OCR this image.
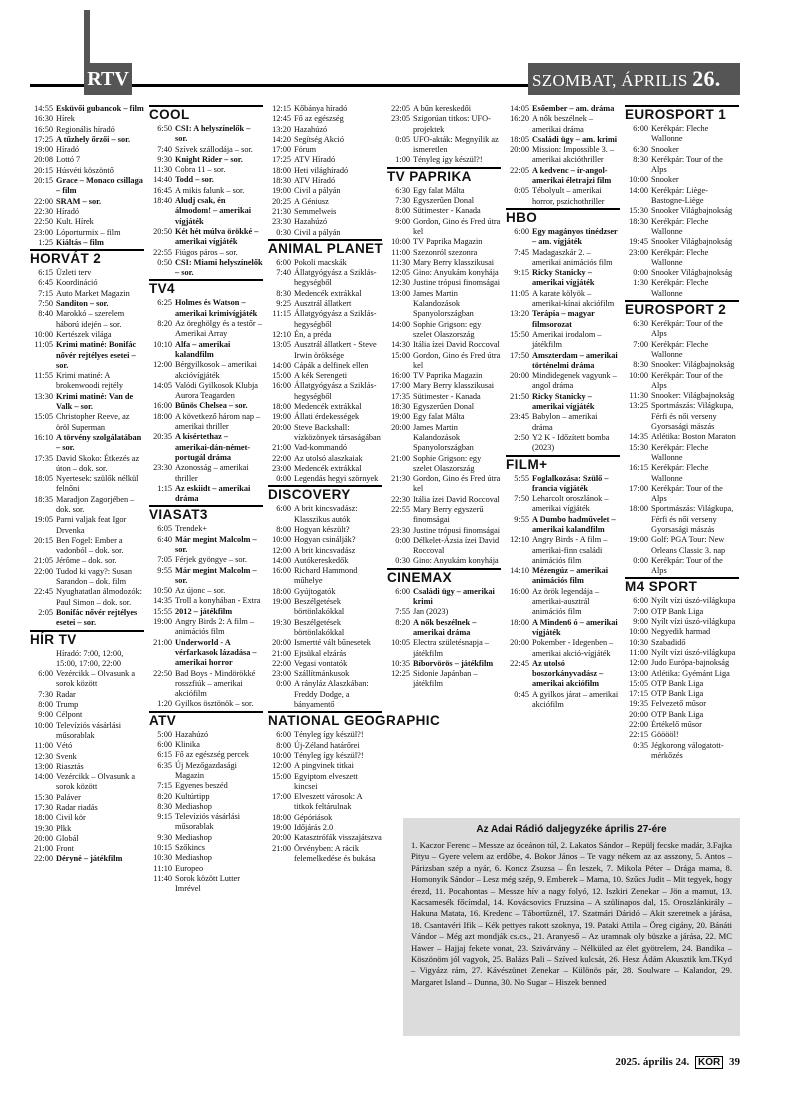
RTV	SZOMBAT, ÁPRILIS 26.
14:55 Esküvői gubancok – film
16:30 Hírek
16:50 Regionális híradó
17:25 A tűzhely őrzői – sor.
19:00 Híradó
20:08 Lottó 7
20:15 Húsvéti köszöntő
20:15 Grace – Monaco csillaga – film
22:00 SRAM – sor.
22:30 Híradó
22:50 Kult. Hírek
23:00 Lóporturmix – film
1:25 Kiáltás – film
HORVÁT 2
6:15 Üzleti terv
6:45 Koordináció
7:15 Auto Market Magazin
7:50 Sanditon – sor.
8:40 Marokkó – szerelem háború idején – sor.
10:00 Kertészek világa
11:05 Krimi matiné: Bonifác nővér rejtélyes esetei – sor.
11:55 Krimi matiné: A brokenwoodi rejtély
13:30 Krimi matiné: Van de Valk – sor.
15:05 Christopher Reeve, az öröl Superman
16:10 A törvény szolgálatában – sor.
17:35 David Skoko: Étkezés az úton – dok. sor.
18:05 Nyertesek: szülők nélkül felnőni
18:35 Maradjon Zagorjében – dok. sor.
19:05 Parni valjak feat Igor Drvenka
20:15 Ben Fogel: Ember a vadonból – dok. sor.
21:05 Jérôme – dok. sor.
22:00 Tudod ki vagy?: Susan Sarandon – dok. film
22:45 Nyughatatlan álmodozók: Paul Simon – dok. sor.
2:05 Bonifác nővér rejtélyes esetei – sor.
HÍR TV
Híradó: 7:00, 12:00, 15:00, 17:00, 22:00
6:00 Vezércikk – Olvasunk a sorok között
7:30 Radar
8:00 Trump
9:00 Célpont
10:00 Televíziós vásárlási műsorablak
11:00 Vétó
12:30 Svenk
13:00 Riasztás
14:00 Vezércikk – Olvasunk a sorok között
15:30 Paláver
17:30 Radar riadás
18:00 Civil kör
19:30 Plkk
20:00 Globál
21:00 Front
22:00 Dérynė – játékfilm
COOL
6:50 CSI: A helyszínelők – sor.
7:40 Szívek szállodája – sor.
9:30 Knight Rider – sor.
11:30 Cobra 11 – sor.
14:40 Todd – sor.
16:45 A mikis falunk – sor.
18:40 Aludj csak, én álmodom! – amerikai vígjáték
20:50 Két hét múlva örökké – amerikai vígjáték
22:55 Fiúgos páros – sor.
0:50 CSI: Miami helyszínelők – sor.
TV4
6:25 Holmes és Watson – amerikai krimivígjáték
8:20 Az öreghölgy és a testőr – Amerikai Array
10:10 Alfa – amerikai kalandfilm
12:00 Bérgyilkosok – amerikai akcióvígjáték
14:05 Valódi Gyilkosok Klubja Aurora Teagarden
16:00 Bűnös Chelsea – sor.
18:00 A következő három nap – amerikai thriller
20:35 A kísértethaz – amerikai-dán-német-portugál dráma
23:30 Azonosság – amerikai thriller
1:15 Az eskiidt – amerikai dráma
VIASAT3
6:05 Trendek+
6:40 Már megint Malcolm – sor.
7:05 Férjek gyöngye – sor.
9:55 Már megint Malcolm – sor.
10:50 Az újonc – sor.
14:35 Troll a konyhában - Extra
15:55 2012 – játékfilm
19:00 Angry Birds 2: A film – animációs film
21:00 Underworld - A vérfarkasok lázadása – amerikai horror
22:50 Bad Boys - Mindörökké rosszfiúk – amerikai akciófilm
1:20 Gyilkos ösztönök – sor.
ATV
5:00 Hazahúzó
6:00 Klinika
6:15 Fő az egészség percek
6:35 Új Mezőgazdasági Magazin
7:15 Egyenes beszéd
8:20 Kultúrtipp
8:30 Mediashop
9:15 Televíziós vásárlási műsorablak
9:30 Mediashop
10:15 Szőkincs
10:30 Mediashop
11:10 Europeo
11:40 Sorok között Lutter Imrével
12:15 Kőbánya híradó
12:45 Fő az egészség
13:20 Hazahúzó
14:20 Segítség Akció
17:00 Fórum
17:25 ATV Híradó
18:00 Heti világhíradó
18:30 ATV Híradó
19:00 Civil a pályán
20:25 A Géniusz
21:30 Semmelweis
23:30 Hazahúzó
0:30 Civil a pályán
ANIMAL PLANET
6:00 Pokoli macskák
7:40 Állatgyógyász a Sziklás-hegységből
8:30 Medencék extrákkal
9:25 Ausztrál állatkert
11:15 Állatgyógyász a Sziklás-hegységből
12:10 Én, a préda
13:05 Ausztrál állatkert - Steve Irwin öröksége
14:00 Cápák a delfinek ellen
15:00 A kék Serengeti
16:00 Állatgyógyász a Sziklás-hegységből
18:00 Medencék extrákkal
19:00 Állati érdekességek
20:00 Steve Backshall: vízközönyek társaságában
21:00 Vad-kommandó
22:00 Az utolsó alaszkaiak
23:00 Medencék extrákkal
0:00 Legendás hegyi szörnyek
DISCOVERY
6:00 A brit kincsvadász: Klasszikus autók
8:00 Hogyan készült?
10:00 Hogyan csinálják?
12:00 A brit kincsvadász
14:00 Autókereskedők
16:00 Richard Hammond műhelye
18:00 Gyújtogatók
19:00 Beszélgetések börtönlakókkal
19:30 Beszélgetések börtönlakókkal
20:00 Ismertté vált bűnesetek
21:00 Ejtsükal elzárás
22:00 Vegasi vontatók
23:00 Szállítmánkusok
0:00 A rányláz Alaszkában: Freddy Dodge, a bányamentő
NATIONAL GEOGRAPHIC
6:00 Tényleg így készül?!
8:00 Új-Zéland határőrei
10:00 Tényleg így készül?!
12:00 A pingvinek titkai
15:00 Egyiptom elveszett kincsei
17:00 Elveszett városok: A titkok feltárulnak
18:00 Gépóriások
19:00 Időjárás 2.0
20:00 Katasztrófák visszajátszva
21:00 Örvényben: A rácik felemelkedése és bukása
22:05 A bűn kereskedői
23:05 Szigorúan titkos: UFO-projektek
0:05 UFO-akták: Megnyílik az ismeretlen
1:00 Tényleg így készül?!
TV PAPRIKA
6:30 Egy falat Málta
7:30 Egyszerűen Donal
8:00 Sütimester - Kanada
9:00 Gordon, Gino és Fred útra kel
10:00 TV Paprika Magazin
11:00 Szezonról szezonra
11:30 Mary Berry klasszikusai
12:05 Gino: Anyukám konyhája
12:30 Justine trópusi finomságai
13:00 James Martin Kalandozások Spanyolországban
14:00 Sophie Grigson: egy szelet Olaszország
14:30 Itália ízei David Roccoval
15:00 Gordon, Gino és Fred útra kel
16:00 TV Paprika Magazin
17:00 Mary Berry klasszikusai
17:35 Sütimester - Kanada
18:30 Egyszerűen Donal
19:00 Egy falat Málta
20:00 James Martin Kalandozások Spanyolországban
21:00 Sophie Grigson: egy szelet Olaszország
21:30 Gordon, Gino és Fred útra kel
22:30 Itália ízei David Roccoval
22:55 Mary Berry egyszerű finomságai
23:30 Justine trópusi finomságai
0:00 Délkelet-Ázsia ízei David Roccoval
0:30 Gino: Anyukám konyhája
CINEMAX
6:00 Családi ügy – amerikai krimi
7:55 Jan (2023)
8:20 A nők beszélnek – amerikai dráma
10:05 Electra születésnapja – játékfilm
10:35 Bíborvörös – játékfilm
12:25 Sidonie Japánban – játékfilm
14:05 Esőember – am. dráma
16:20 A nők beszélnek – amerikai dráma
18:05 Családi ügy – am. krimi
20:00 Mission: Impossible 3. – amerikai akcióthriller
22:05 A kedvenc – ír-angol-amerikai életrajzi film
0:05 Tébolyult – amerikai horror, pszichothriller
HBO
6:00 Egy magányos tinédzser – am. vígjáték
7:45 Madagaszkár 2. – amerikai animációs film
9:15 Ricky Stanicky – amerikai vígjáték
11:05 A karate kölyök – amerikai-kínai akciófilm
13:20 Terápia – magyar filmsorozat
15:50 Amerikai irodalom – játékfilm
17:50 Amszterdam – amerikai történelmi dráma
20:00 Mindidegenek vagyunk – angol dráma
21:50 Ricky Stanicky – amerikai vígjáték
23:45 Babylon – amerikai dráma
2:50 Y2 K - Időzített bomba (2023)
FILM+
5:55 Foglalkozása: Szülő – francia vígjáték
7:50 Leharcolt oroszlánok – amerikai vígjáték
9:55 A Dumbo hadművelet – amerikai kalandfilm
12:10 Angry Birds - A film – amerikai-finn családi animációs film
14:10 Mézengúz – amerikai animációs film
16:00 Az örök legendája – amerikai-ausztrál animációs film
18:00 A Minden6 ó – amerikai vígjáték
20:00 Pokember - Idegenben – amerikai akció-vígjáték
22:45 Az utolsó boszorkányvadász – amerikai akciófilm
0:45 A gyilkos járat – amerikai akciófilm
EUROSPORT 1
6:00 Kerékpár: Fleche Wallonne
6:30 Snooker
8:30 Kerékpár: Tour of the Alps
10:00 Snooker
14:00 Kerékpár: Liège-Bastogne-Liège
15:30 Snooker Világbajnokság
18:30 Kerékpár: Fleche Wallonne
19:45 Snooker Világbajnokság
23:00 Kerékpár: Fleche Wallonne
0:00 Snooker Világbajnokság
1:30 Kerékpár: Fleche Wallonne
EUROSPORT 2
6:30 Kerékpár: Tour of the Alps
7:00 Kerékpár: Fleche Wallonne
8:30 Snooker: Világbajnokság
10:00 Kerékpár: Tour of the Alps
11:30 Snooker: Világbajnokság
13:25 Sportmászás: Világkupa, Férfi és női verseny Gyorsasági mászás
14:35 Atlétika: Boston Maraton
15:30 Kerékpár: Fleche Wallonne
16:15 Kerékpár: Fleche Wallonne
17:00 Kerékpár: Tour of the Alps
18:00 Sportmászás: Világkupa, Férfi és női verseny Gyorsasági mászás
19:00 Golf: PGA Tour: New Orleans Classic 3. nap
0:00 Kerékpár: Tour of the Alps
M4 SPORT
6:00 Nyílt vízi úszó-világkupa
7:00 OTP Bank Liga
9:00 Nyílt vízi úszó-világkupa
10:00 Negyedik harmad
10:30 Szabadidő
11:00 Nyílt vízi úszó-világkupa
12:00 Judo Európa-bajnokság
13:00 Atlétika: Gyémánt Liga
15:05 OTP Bank Liga
17:15 OTP Bank Liga
19:35 Felvezető műsor
20:00 OTP Bank Liga
22:00 Értékelő műsor
22:15 Gööööl!
0:35 Jégkorong válogatott-mérkőzés
Az Adai Rádió daljegyzéke április 27-ére
1. Kaczor Ferenc – Messze az óceánon túl, 2. Lakatos Sándor – Repülj fecske madár, 3.Fajka Pityu – Gyere velem az erdőbe, 4. Bokor János – Te vagy nékem az az asszony, 5. Antos – Párizsban szép a nyár, 6. Koncz Zsuzsa – Én leszek, 7. Mikola Péter – Drága mama, 8. Homonyik Sándor – Lesz még szép, 9. Emberek – Mama, 10. Szűcs Judit – Mit tegyek, hogy érezd, 11. Pocahontas – Messze hív a nagy folyó, 12. Iszkiri Zenekar – Jön a mamut, 13. Kacsamesék főcímdal, 14. Kovácsovics Fruzsina – A szülinapos dal, 15. Oroszlánkirály – Hakuna Matata, 16. Kredenc – Tábortűznél, 17. Szatmári Dáridó – Akit szeretnek a járása, 18. Csantavéri Ifik – Kék pettyes rakott szoknya, 19. Pataki Attila – Öreg cigány, 20. Bánáti Vándor – Még azt mondják cs.cs., 21. Aranyeső – Az uramnak oly büszke a járása, 22. MC Hawer – Hajjaj fekete vonat, 23. Szivárvány – Nélküled az élet gyötrelem, 24. Bandika – Köszönöm jól vagyok, 25. Balázs Pali – Szíved kulcsát, 26. Hesz Ádám Akusztik km.TKyd – Vigyázz rám, 27. Kávészünet Zenekar – Különös pár, 28. Soulware – Kalandor, 29. Margaret Island – Dunna, 30. No Sugar – Hiszek benned
2025. április 24. KÖR 39
